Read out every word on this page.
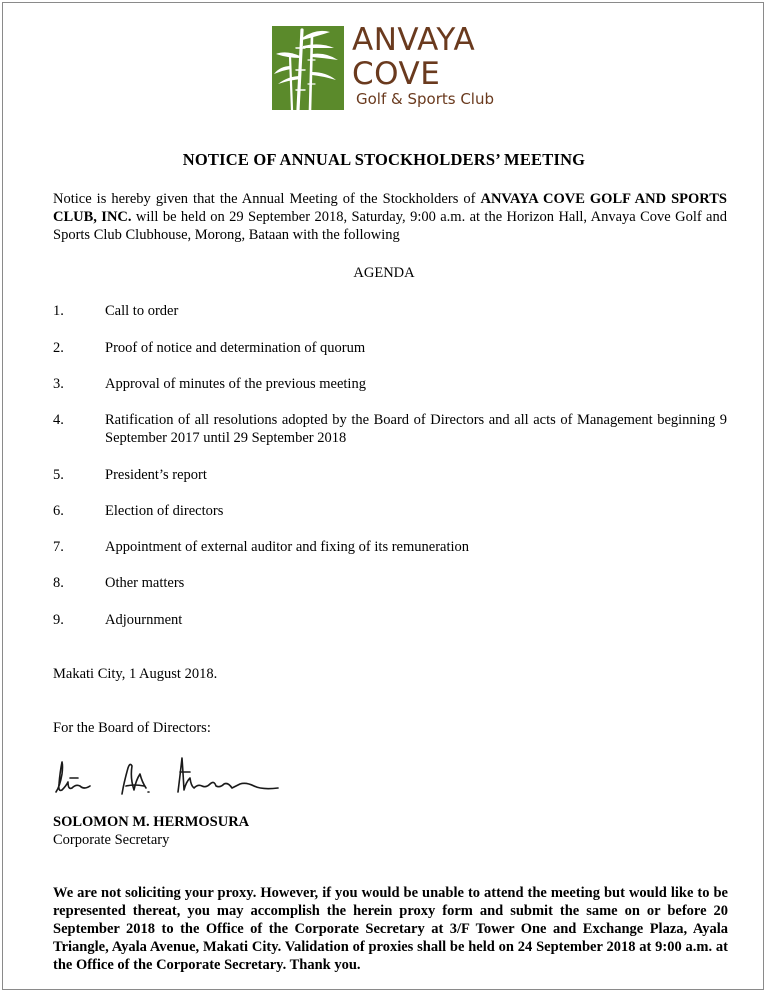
ANVAYA
COVE
Golf & Sports Club
NOTICE OF ANNUAL STOCKHOLDERS’ MEETING
Notice is hereby given that the Annual Meeting of the Stockholders of ANVAYA COVE GOLF AND SPORTS CLUB, INC. will be held on 29 September 2018, Saturday, 9:00 a.m. at the Horizon Hall, Anvaya Cove Golf and Sports Club Clubhouse, Morong, Bataan with the following
AGENDA
1.	Call to order
2.	Proof of notice and determination of quorum
3.	Approval of minutes of the previous meeting
4.	Ratification of all resolutions adopted by the Board of Directors and all acts of Management beginning 9 September 2017 until 29 September 2018
5.	President’s report
6.	Election of directors
7.	Appointment of external auditor and fixing of its remuneration
8.	Other matters
9.	Adjournment
Makati City, 1 August 2018.
For the Board of Directors:
SOLOMON M. HERMOSURA
Corporate Secretary
We are not soliciting your proxy. However, if you would be unable to attend the meeting but would like to be represented thereat, you may accomplish the herein proxy form and submit the same on or before 20 September 2018 to the Office of the Corporate Secretary at 3/F Tower One and Exchange Plaza, Ayala Triangle, Ayala Avenue, Makati City. Validation of proxies shall be held on 24 September 2018 at 9:00 a.m. at the Office of the Corporate Secretary. Thank you.
